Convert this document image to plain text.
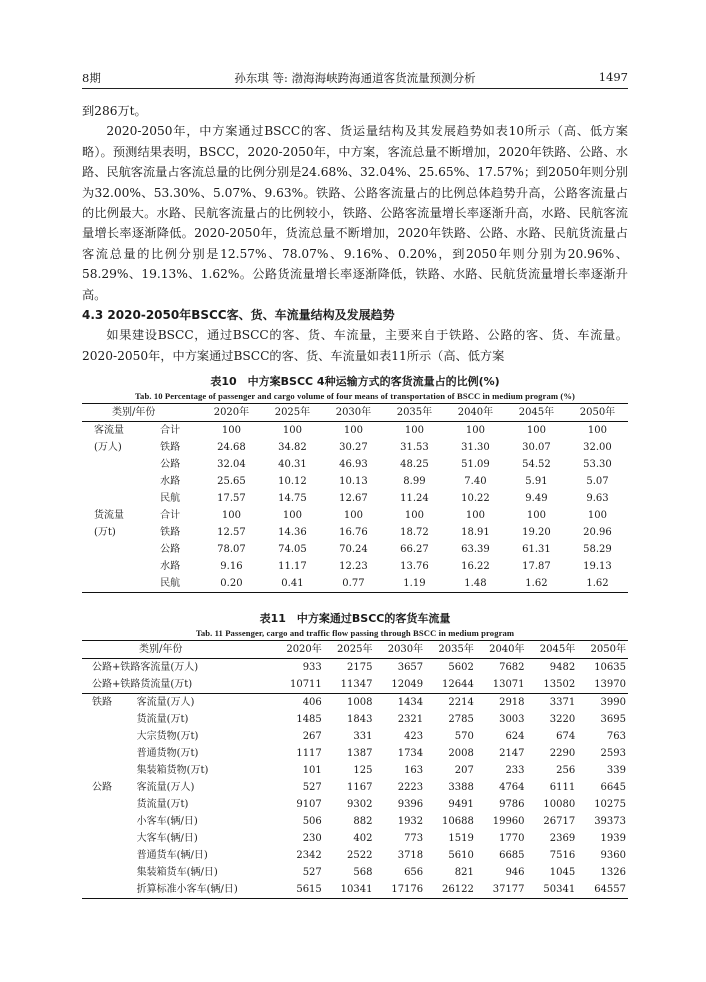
8期	孙东琪 等: 渤海海峡跨海通道客货流量预测分析	1497

到286万t。

2020-2050年，中方案通过BSCC的客、货运量结构及其发展趋势如表10所示（高、低方案略）。预测结果表明，BSCC，2020-2050年，中方案，客流总量不断增加，2020年铁路、公路、水路、民航客流量占客流总量的比例分别是24.68%、32.04%、25.65%、17.57%；到2050年则分别为32.00%、53.30%、5.07%、9.63%。铁路、公路客流量占的比例总体趋势升高，公路客流量占的比例最大。水路、民航客流量占的比例较小，铁路、公路客流量增长率逐渐升高，水路、民航客流量增长率逐渐降低。2020-2050年，货流总量不断增加，2020年铁路、公路、水路、民航货流量占客流总量的比例分别是12.57%、78.07%、9.16%、0.20%，到2050年则分别为20.96%、58.29%、19.13%、1.62%。公路货流量增长率逐渐降低，铁路、水路、民航货流量增长率逐渐升高。

4.3 2020-2050年BSCC客、货、车流量结构及发展趋势

如果建设BSCC，通过BSCC的客、货、车流量，主要来自于铁路、公路的客、货、车流量。2020-2050年，中方案通过BSCC的客、货、车流量如表11所示（高、低方案

表10　中方案BSCC 4种运输方式的客货流量占的比例(%)
Tab. 10 Percentage of passenger and cargo volume of four means of transportation of BSCC in medium program (%)
类别/年份		2020年	2025年	2030年	2035年	2040年	2045年	2050年
客流量	合计	100	100	100	100	100	100	100
(万人)	铁路	24.68	34.82	30.27	31.53	31.30	30.07	32.00
	公路	32.04	40.31	46.93	48.25	51.09	54.52	53.30
	水路	25.65	10.12	10.13	8.99	7.40	5.91	5.07
	民航	17.57	14.75	12.67	11.24	10.22	9.49	9.63
货流量	合计	100	100	100	100	100	100	100
(万t)	铁路	12.57	14.36	16.76	18.72	18.91	19.20	20.96
	公路	78.07	74.05	70.24	66.27	63.39	61.31	58.29
	水路	9.16	11.17	12.23	13.76	16.22	17.87	19.13
	民航	0.20	0.41	0.77	1.19	1.48	1.62	1.62
表11　中方案通过BSCC的客货车流量
Tab. 11 Passenger, cargo and traffic flow passing through BSCC in medium program
类别/年份		2020年	2025年	2030年	2035年	2040年	2045年	2050年
公路+铁路客流量(万人)		933	2175	3657	5602	7682	9482	10635
公路+铁路货流量(万t)		10711	11347	12049	12644	13071	13502	13970
铁路	客流量(万人)	406	1008	1434	2214	2918	3371	3990
	货流量(万t)	1485	1843	2321	2785	3003	3220	3695
	大宗货物(万t)	267	331	423	570	624	674	763
	普通货物(万t)	1117	1387	1734	2008	2147	2290	2593
	集装箱货物(万t)	101	125	163	207	233	256	339
公路	客流量(万人)	527	1167	2223	3388	4764	6111	6645
	货流量(万t)	9107	9302	9396	9491	9786	10080	10275
	小客车(辆/日)	506	882	1932	10688	19960	26717	39373
	大客车(辆/日)	230	402	773	1519	1770	2369	1939
	普通货车(辆/日)	2342	2522	3718	5610	6685	7516	9360
	集装箱货车(辆/日)	527	568	656	821	946	1045	1326
	折算标准小客车(辆/日)	5615	10341	17176	26122	37177	50341	64557
